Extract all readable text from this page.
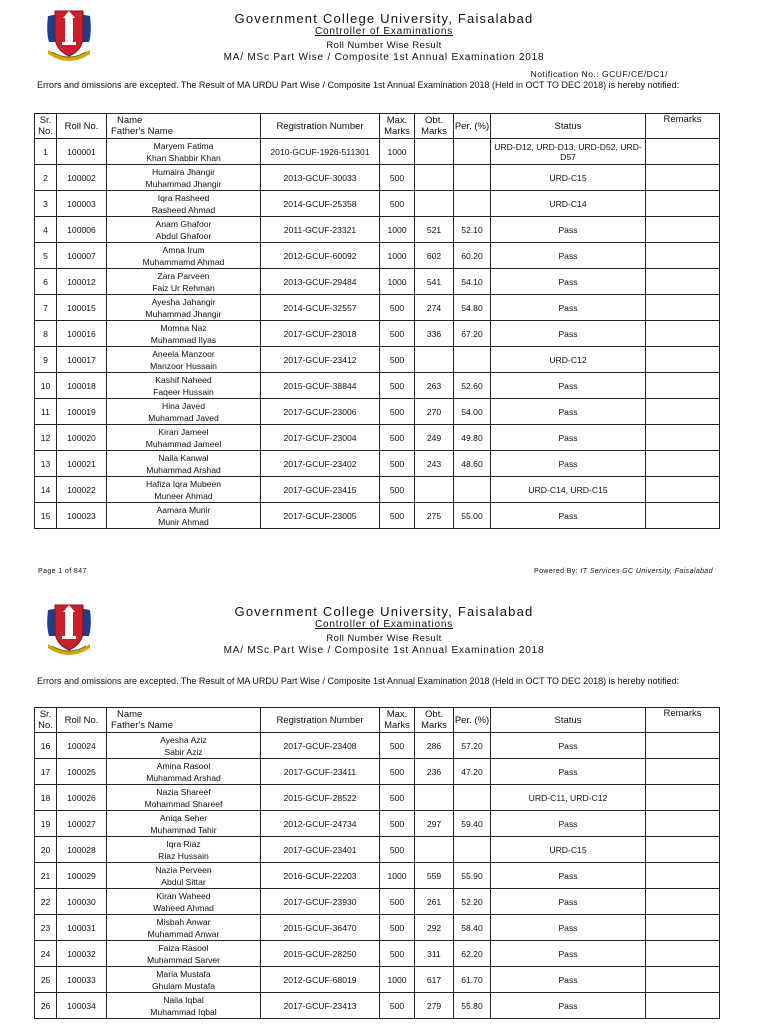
Government College University, Faisalabad
Controller of Examinations
Roll Number Wise Result
MA/ MSc Part Wise / Composite 1st Annual Examination 2018
Notification No.: GCUF/CE/DC1/
Errors and omissions are excepted. The Result of MA URDU Part Wise / Composite 1st Annual Examination 2018 (Held in OCT TO DEC 2018) is hereby notified:
Sr. No.	Roll No.	Name
Father's Name	Registration Number	Max. Marks	Obt. Marks	Per. (%)	Status	Remarks
1	100001	Maryem Fatima
Khan Shabbir Khan	2010-GCUF-1926-511301	1000			URD-D12, URD-D13, URD-D52, URD-D57	
2	100002	Humaira Jhangir
Muhammad Jhangir	2013-GCUF-30033	500			URD-C15	
3	100003	Iqra Rasheed
Rasheed Ahmad	2014-GCUF-25358	500			URD-C14	
4	100006	Anam Ghafoor
Abdul Ghafoor	2011-GCUF-23321	1000	521	52.10	Pass	
5	100007	Amna Irum
Muhammamd Ahmad	2012-GCUF-60092	1000	602	60.20	Pass	
6	100012	Zara Parveen
Faiz Ur Rehman	2013-GCUF-29484	1000	541	54.10	Pass	
7	100015	Ayesha Jahangir
Muhammad Jhangir	2014-GCUF-32557	500	274	54.80	Pass	
8	100016	Momna Naz
Muhammad Ilyas	2017-GCUF-23018	500	336	67.20	Pass	
9	100017	Aneela Manzoor
Manzoor Hussain	2017-GCUF-23412	500			URD-C12	
10	100018	Kashif Naheed
Faqeer Hussain	2015-GCUF-38844	500	263	52.60	Pass	
11	100019	Hina Javed
Muhammad Javed	2017-GCUF-23006	500	270	54.00	Pass	
12	100020	Kiran Jameel
Muhammad Jameel	2017-GCUF-23004	500	249	49.80	Pass	
13	100021	Naila Kanwal
Muhammad Arshad	2017-GCUF-23402	500	243	48.60	Pass	
14	100022	Hafiza Iqra Mubeen
Muneer Ahmad	2017-GCUF-23415	500			URD-C14, URD-C15	
15	100023	Aamara Munir
Munir Ahmad	2017-GCUF-23005	500	275	55.00	Pass	
Page 1 of 847	Powered By: IT Services GC University, Faisalabad
Government College University, Faisalabad
Controller of Examinations
Roll Number Wise Result
MA/ MSc Part Wise / Composite 1st Annual Examination 2018
Errors and omissions are excepted. The Result of MA URDU Part Wise / Composite 1st Annual Examination 2018 (Held in OCT TO DEC 2018) is hereby notified:
Sr. No.	Roll No.	Name
Father's Name	Registration Number	Max. Marks	Obt. Marks	Per. (%)	Status	Remarks
16	100024	Ayesha Aziz
Sabir Aziz	2017-GCUF-23408	500	286	57.20	Pass	
17	100025	Amina Rasool
Muhammad Arshad	2017-GCUF-23411	500	236	47.20	Pass	
18	100026	Nazia Shareef
Mohammad Shareef	2015-GCUF-28522	500			URD-C11, URD-C12	
19	100027	Aniqa Seher
Muhammad Tahir	2012-GCUF-24734	500	297	59.40	Pass	
20	100028	Iqra Riaz
Riaz Hussain	2017-GCUF-23401	500			URD-C15	
21	100029	Nazia Perveen
Abdul Sittar	2016-GCUF-22203	1000	559	55.90	Pass	
22	100030	Kiran Waheed
Waheed Ahmad	2017-GCUF-23930	500	261	52.20	Pass	
23	100031	Misbah Anwar
Muhammad Anwar	2015-GCUF-36470	500	292	58.40	Pass	
24	100032	Faiza Rasool
Muhammad Sarver	2015-GCUF-28250	500	311	62.20	Pass	
25	100033	Maria Mustafa
Ghulam Mustafa	2012-GCUF-68019	1000	617	61.70	Pass	
26	100034	Naila Iqbal
Muhammad Iqbal	2017-GCUF-23413	500	279	55.80	Pass	
